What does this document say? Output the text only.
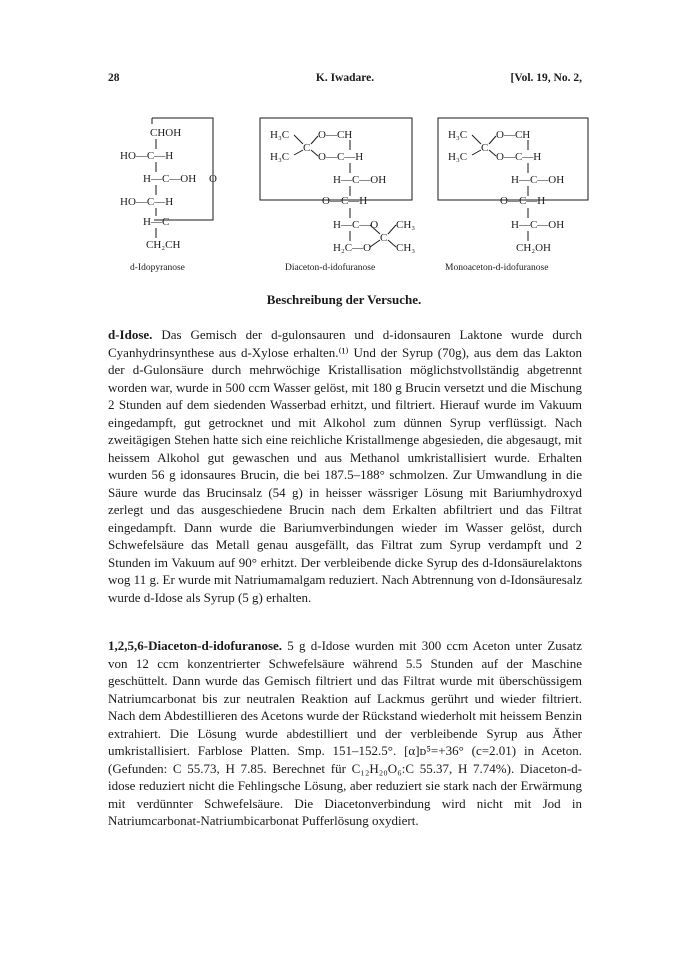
28	K. Iwadare.	[Vol. 19, No. 2,
CHOH
HO—C—H
H—C—OH O
HO—C—H
H—C
CH₂CH
d-Idopyranose
H₃C
H₃C
C
O—CH
O—C—H
H—C—OH
O—C—H
H—C—O
H₂C—O
C
CH₃
CH₃
Diaceton-d-idofuranose
H₃C
H₃C
C
O—CH
O—C—H
H—C—OH
O—C—H
H—C—OH
CH₂OH
Monoaceton-d-idofuranose
Beschreibung der Versuche.

d-Idose. Das Gemisch der d-gulonsauren und d-idonsauren Laktone wurde durch Cyanhydrinsynthese aus d-Xylose erhalten.⁽¹⁾ Und der Syrup (70g), aus dem das Lakton der d-Gulonsäure durch mehrwöchige Kristallisation möglichstvollständig abgetrennt worden war, wurde in 500 ccm Wasser gelöst, mit 180 g Brucin versetzt und die Mischung 2 Stunden auf dem siedenden Wasserbad erhitzt, und filtriert. Hierauf wurde im Vakuum eingedampft, gut getrocknet und mit Alkohol zum dünnen Syrup verflüssigt. Nach zweitägigen Stehen hatte sich eine reichliche Kristallmenge abgesieden, die abgesaugt, mit heissem Alkohol gut gewaschen und aus Methanol umkristallisiert wurde. Erhalten wurden 56 g idonsaures Brucin, die bei 187.5–188° schmolzen. Zur Umwandlung in die Säure wurde das Brucinsalz (54 g) in heisser wässriger Lösung mit Bariumhydroxyd zerlegt und das ausgeschiedene Brucin nach dem Erkalten abfiltriert und das Filtrat eingedampft. Dann wurde die Bariumverbindungen wieder im Wasser gelöst, durch Schwefelsäure das Metall genau ausgefällt, das Filtrat zum Syrup verdampft und 2 Stunden im Vakuum auf 90° erhitzt. Der verbleibende dicke Syrup des d-Idonsäurelaktons wog 11 g. Er wurde mit Natriumamalgam reduziert. Nach Abtrennung von d-Idonsäuresalz wurde d-Idose als Syrup (5 g) erhalten.

1,2,5,6-Diaceton-d-idofuranose. 5 g d-Idose wurden mit 300 ccm Aceton unter Zusatz von 12 ccm konzentrierter Schwefelsäure während 5.5 Stunden auf der Maschine geschüttelt. Dann wurde das Gemisch filtriert und das Filtrat wurde mit überschüssigem Natriumcarbonat bis zur neutralen Reaktion auf Lackmus gerührt und wieder filtriert. Nach dem Abdestillieren des Acetons wurde der Rückstand wiederholt mit heissem Benzin extrahiert. Die Lösung wurde abdestilliert und der verbleibende Syrup aus Äther umkristallisiert. Farblose Platten. Smp. 151–152.5°. [α]ᴅ⁵=+36° (c=2.01) in Aceton. (Gefunden: C 55.73, H 7.85. Berechnet für C₁₂H₂₀O₆:C 55.37, H 7.74%). Diaceton-d-idose reduziert nicht die Fehlingsche Lösung, aber reduziert sie stark nach der Erwärmung mit verdünnter Schwefelsäure. Die Diacetonverbindung wird nicht mit Jod in Natriumcarbonat-Natriumbicarbonat Pufferlösung oxydiert.
